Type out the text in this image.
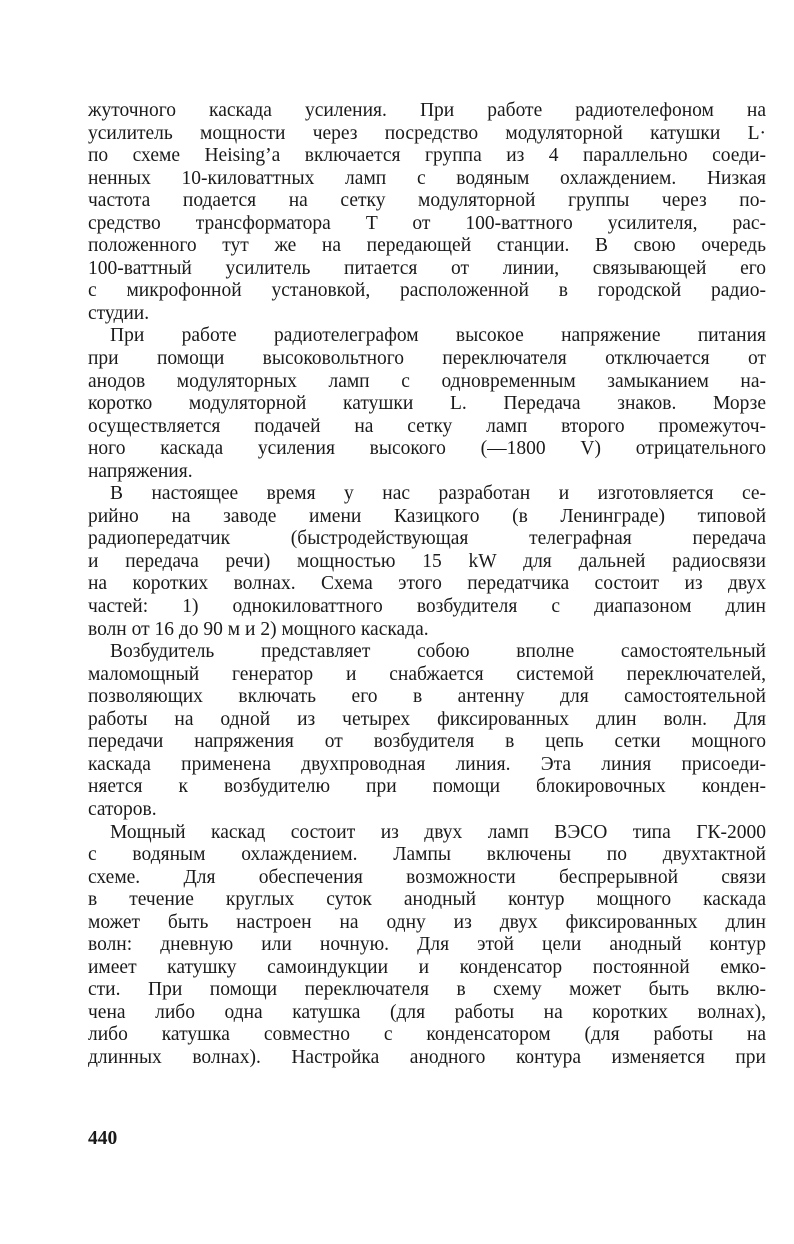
жуточного каскада усиления. При работе радиотелефоном на
усилитель мощности через посредство модуляторной катушки L·
по схеме Heising’a включается группа из 4 параллельно соеди-
ненных 10-киловаттных ламп с водяным охлаждением. Низкая
частота подается на сетку модуляторной группы через по-
средство трансформатора T от 100-ваттного усилителя, рас-
положенного тут же на передающей станции. В свою очередь
100-ваттный усилитель питается от линии, связывающей его
с микрофонной установкой, расположенной в городской радио-
студии.
При работе радиотелеграфом высокое напряжение питания
при помощи высоковольтного переключателя отключается от
анодов модуляторных ламп с одновременным замыканием на-
коротко модуляторной катушки L. Передача знаков. Морзе
осуществляется подачей на сетку ламп второго промежуточ-
ного каскада усиления высокого (—1800 V) отрицательного
напряжения.
В настоящее время у нас разработан и изготовляется се-
рийно на заводе имени Казицкого (в Ленинграде) типовой
радиопередатчик (быстродействующая телеграфная передача
и передача речи) мощностью 15 kW для дальней радиосвязи
на коротких волнах. Схема этого передатчика состоит из двух
частей: 1) однокиловаттного возбудителя с диапазоном длин
волн от 16 до 90 м и 2) мощного каскада.
Возбудитель представляет собою вполне самостоятельный
маломощный генератор и снабжается системой переключателей,
позволяющих включать его в антенну для самостоятельной
работы на одной из четырех фиксированных длин волн. Для
передачи напряжения от возбудителя в цепь сетки мощного
каскада применена двухпроводная линия. Эта линия присоеди-
няется к возбудителю при помощи блокировочных конден-
саторов.
Мощный каскад состоит из двух ламп ВЭСО типа ГК-2000
с водяным охлаждением. Лампы включены по двухтактной
схеме. Для обеспечения возможности беспрерывной связи
в течение круглых суток анодный контур мощного каскада
может быть настроен на одну из двух фиксированных длин
волн: дневную или ночную. Для этой цели анодный контур
имеет катушку самоиндукции и конденсатор постоянной емко-
сти. При помощи переключателя в схему может быть вклю-
чена либо одна катушка (для работы на коротких волнах),
либо катушка совместно с конденсатором (для работы на
длинных волнах). Настройка анодного контура изменяется при
440
